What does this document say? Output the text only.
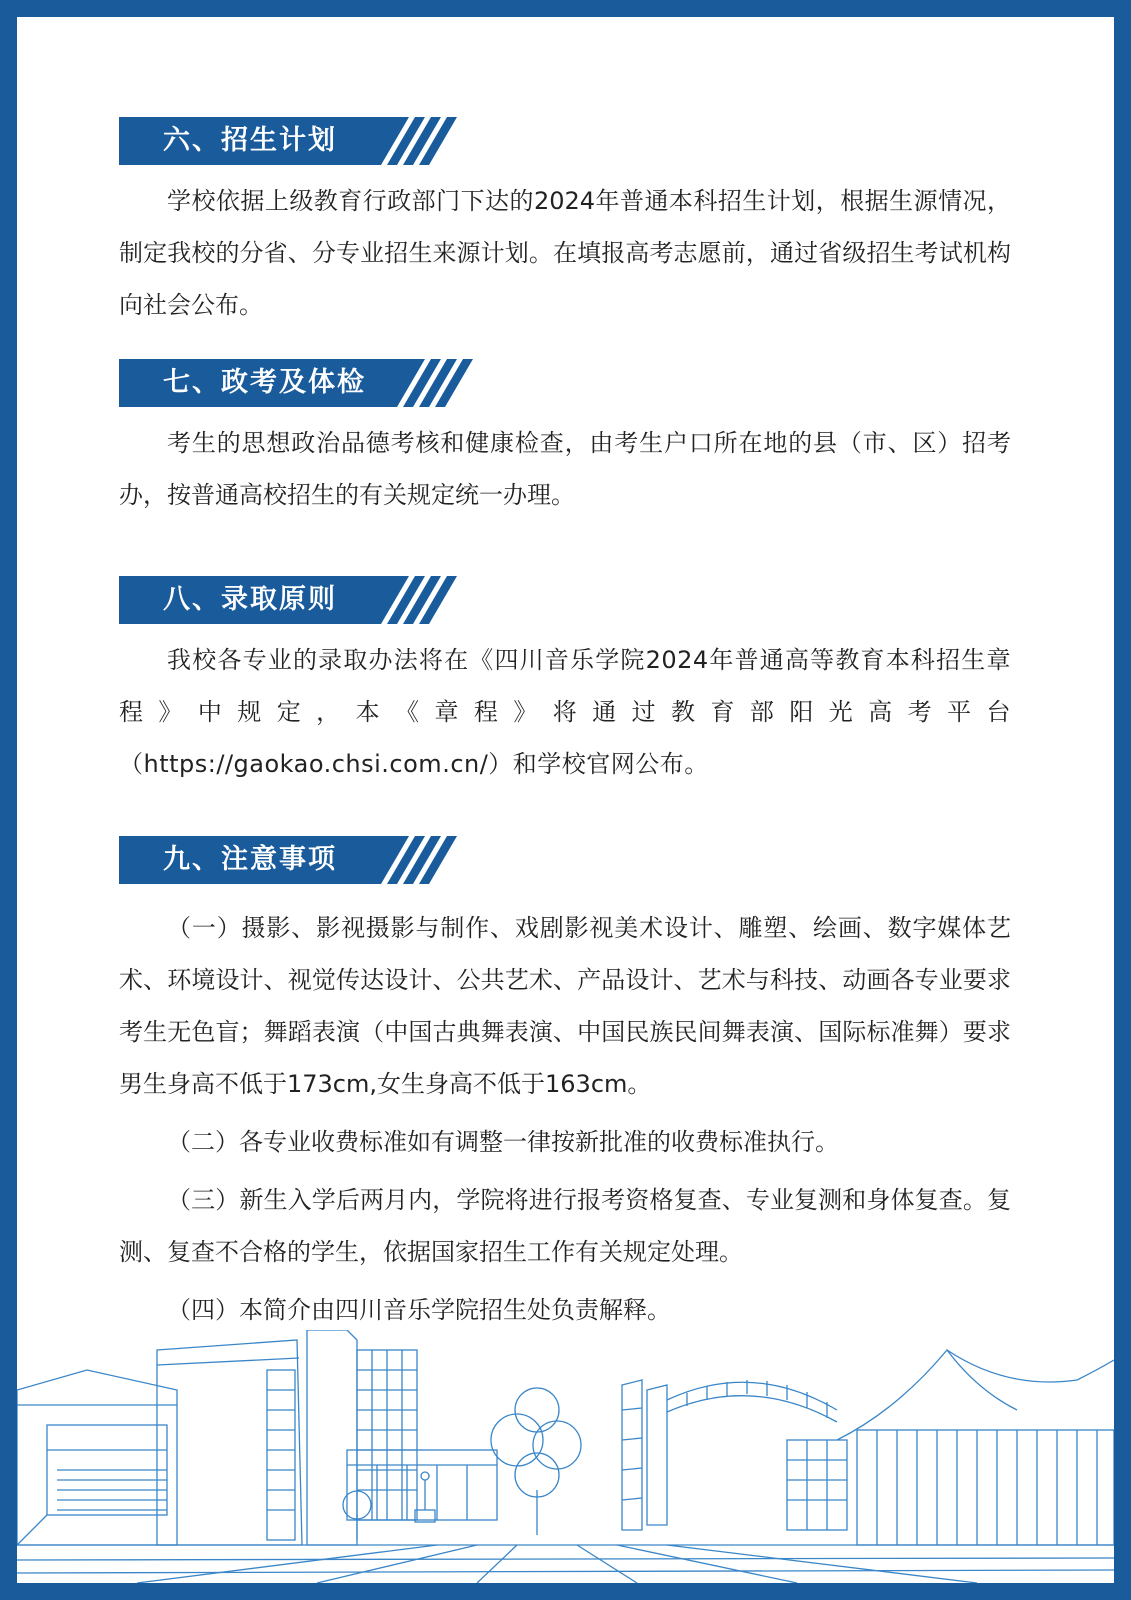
六、招生计划

学校依据上级教育行政部门下达的2024年普通本科招生计划，根据生源情况，制定我校的分省、分专业招生来源计划。在填报高考志愿前，通过省级招生考试机构向社会公布。

七、政考及体检

考生的思想政治品德考核和健康检查，由考生户口所在地的县（市、区）招考办，按普通高校招生的有关规定统一办理。

八、录取原则

我校各专业的录取办法将在《四川音乐学院2024年普通高等教育本科招生章程》中规定，本《章程》将通过教育部阳光高考平台（https://gaokao.chsi.com.cn/）和学校官网公布。

九、注意事项

（一）摄影、影视摄影与制作、戏剧影视美术设计、雕塑、绘画、数字媒体艺术、环境设计、视觉传达设计、公共艺术、产品设计、艺术与科技、动画各专业要求考生无色盲；舞蹈表演（中国古典舞表演、中国民族民间舞表演、国际标准舞）要求男生身高不低于173cm,女生身高不低于163cm。

（二）各专业收费标准如有调整一律按新批准的收费标准执行。

（三）新生入学后两月内，学院将进行报考资格复查、专业复测和身体复查。复测、复查不合格的学生，依据国家招生工作有关规定处理。

（四）本简介由四川音乐学院招生处负责解释。
